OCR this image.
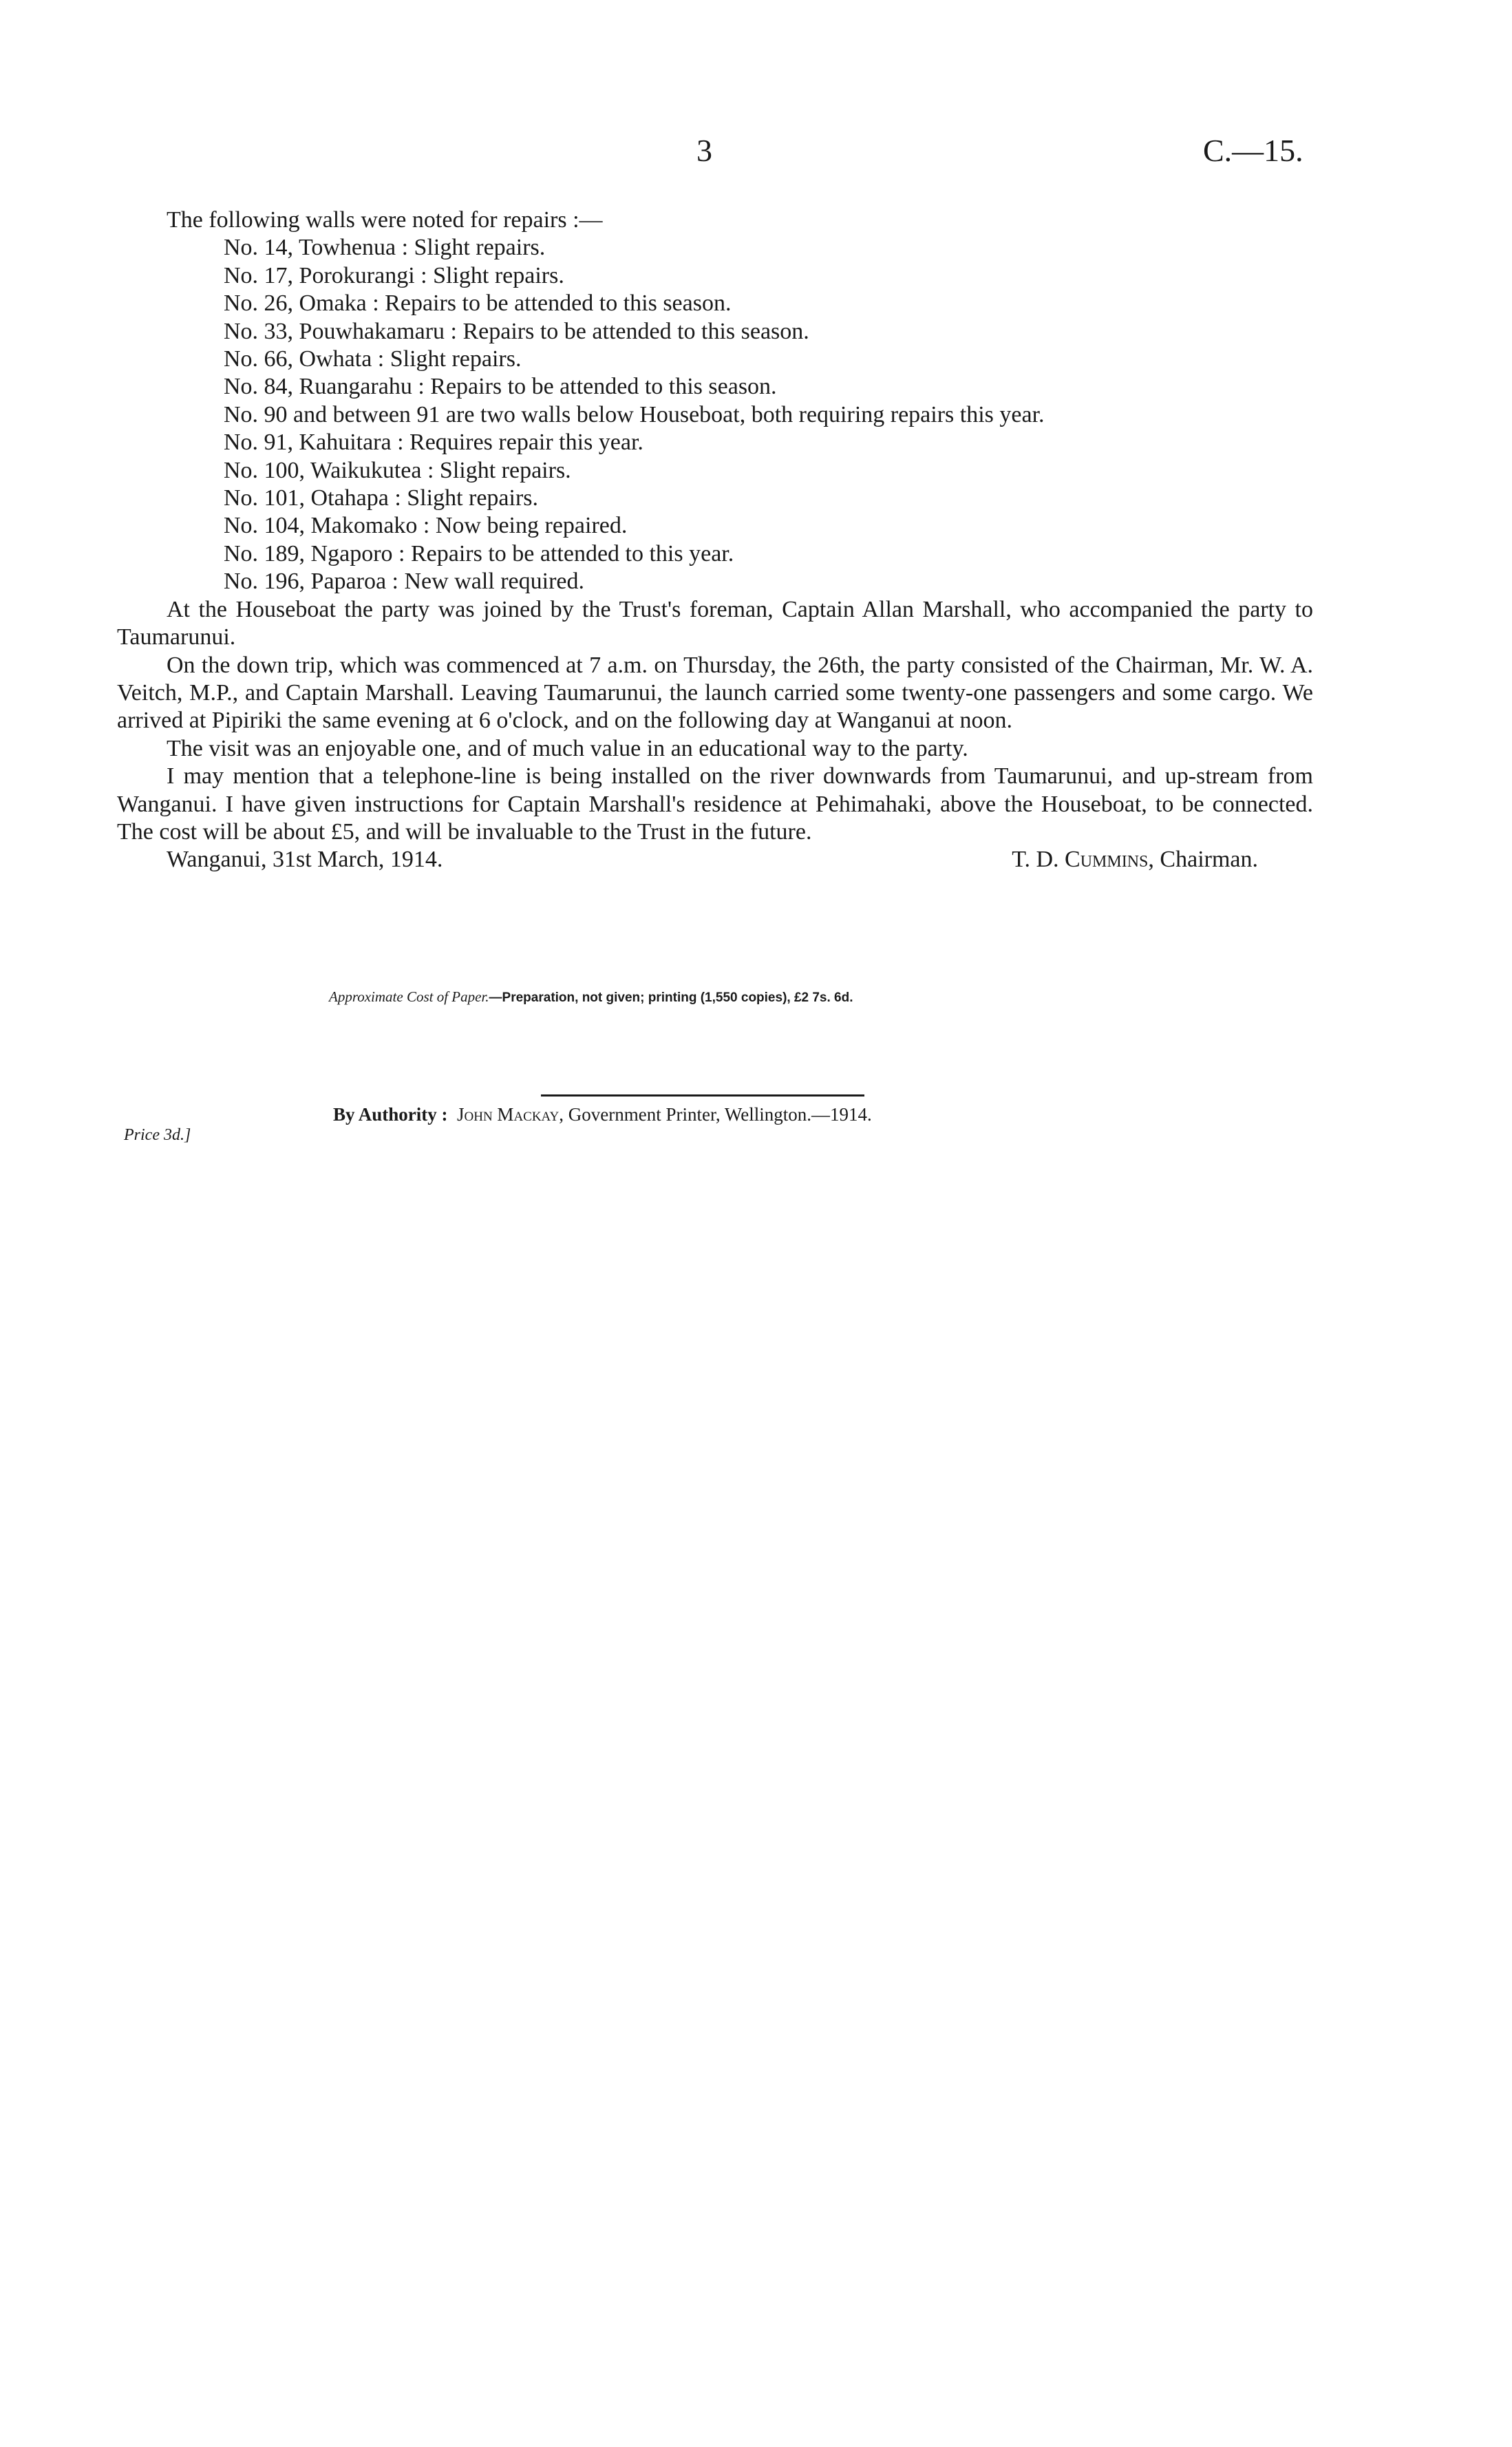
3	C.—15.

The following walls were noted for repairs :—

No. 14, Towhenua : Slight repairs.
No. 17, Porokurangi : Slight repairs.
No. 26, Omaka : Repairs to be attended to this season.
No. 33, Pouwhakamaru : Repairs to be attended to this season.
No. 66, Owhata : Slight repairs.
No. 84, Ruangarahu : Repairs to be attended to this season.
No. 90 and between 91 are two walls below Houseboat, both requiring repairs this year.
No. 91, Kahuitara : Requires repair this year.
No. 100, Waikukutea : Slight repairs.
No. 101, Otahapa : Slight repairs.
No. 104, Makomako : Now being repaired.
No. 189, Ngaporo : Repairs to be attended to this year.
No. 196, Paparoa : New wall required.

At the Houseboat the party was joined by the Trust's foreman, Captain Allan Marshall, who accompanied the party to Taumarunui.

On the down trip, which was commenced at 7 a.m. on Thursday, the 26th, the party consisted of the Chairman, Mr. W. A. Veitch, M.P., and Captain Marshall. Leaving Taumarunui, the launch carried some twenty-one passengers and some cargo. We arrived at Pipiriki the same evening at 6 o'clock, and on the following day at Wanganui at noon.

The visit was an enjoyable one, and of much value in an educational way to the party.

I may mention that a telephone-line is being installed on the river downwards from Taumarunui, and up-stream from Wanganui. I have given instructions for Captain Marshall's residence at Pehimahaki, above the Houseboat, to be connected. The cost will be about £5, and will be invaluable to the Trust in the future.

Wanganui, 31st March, 1914.	T. D. Cummins, Chairman.
Approximate Cost of Paper.—Preparation, not given; printing (1,550 copies), £2 7s. 6d.
Price 3d.]
By Authority : John Mackay, Government Printer, Wellington.—1914.
